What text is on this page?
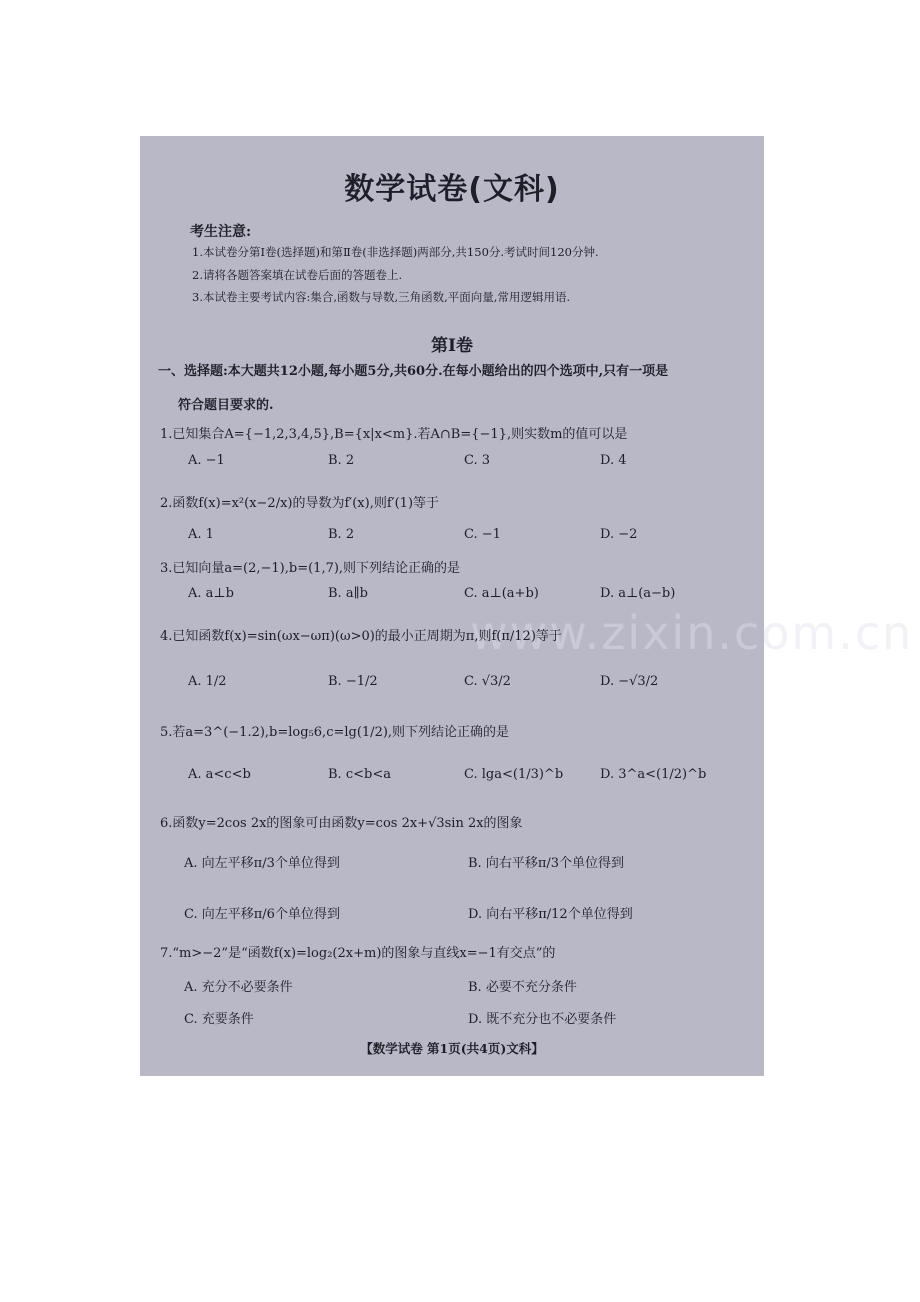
www.zixin.com.cn
数学试卷(文科)
考生注意:
1.本试卷分第Ⅰ卷(选择题)和第Ⅱ卷(非选择题)两部分,共150分.考试时间120分钟.
2.请将各题答案填在试卷后面的答题卷上.
3.本试卷主要考试内容:集合,函数与导数,三角函数,平面向量,常用逻辑用语.
第Ⅰ卷
一、选择题:本大题共12小题,每小题5分,共60分.在每小题给出的四个选项中,只有一项是
符合题目要求的.
1.已知集合A={−1,2,3,4,5},B={x|x<m}.若A∩B={−1},则实数m的值可以是
A. −1	B. 2	C. 3	D. 4
2.函数f(x)=x²(x−2/x)的导数为f′(x),则f′(1)等于
A. 1	B. 2	C. −1	D. −2
3.已知向量a=(2,−1),b=(1,7),则下列结论正确的是
A. a⊥b	B. a∥b	C. a⊥(a+b)	D. a⊥(a−b)
4.已知函数f(x)=sin(ωx−ωπ)(ω>0)的最小正周期为π,则f(π/12)等于
A. 1/2	B. −1/2	C. √3/2	D. −√3/2
5.若a=3^(−1.2),b=log₅6,c=lg(1/2),则下列结论正确的是
A. a<c<b	B. c<b<a	C. lga<(1/3)^b	D. 3^a<(1/2)^b
6.函数y=2cos 2x的图象可由函数y=cos 2x+√3sin 2x的图象
A. 向左平移π/3个单位得到	B. 向右平移π/3个单位得到
C. 向左平移π/6个单位得到	D. 向右平移π/12个单位得到
7.“m>−2”是“函数f(x)=log₂(2x+m)的图象与直线x=−1有交点”的
A. 充分不必要条件	B. 必要不充分条件
C. 充要条件	D. 既不充分也不必要条件
【数学试卷 第1页(共4页)文科】
